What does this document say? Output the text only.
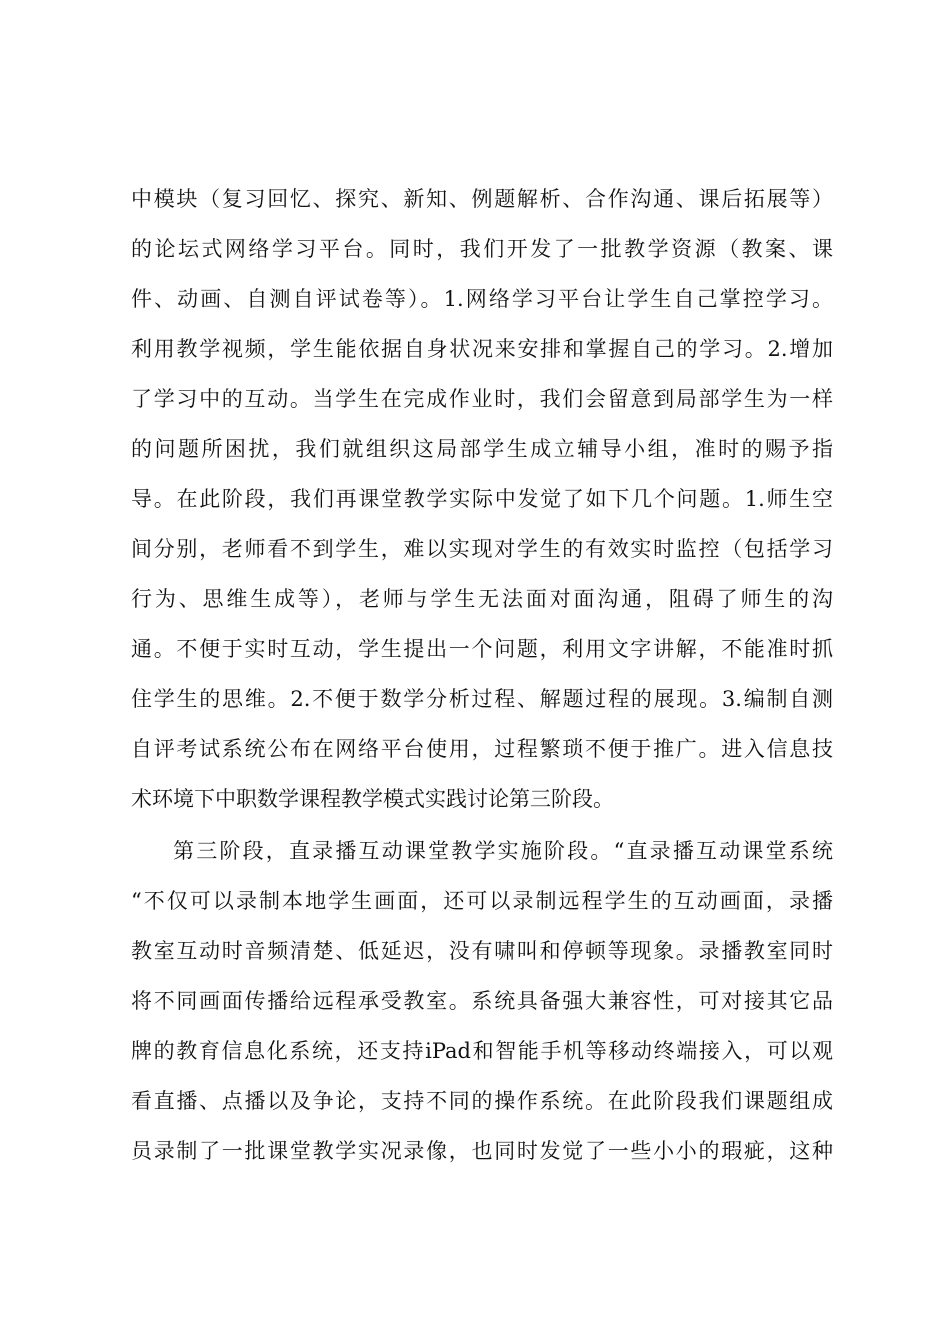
中模块（复习回忆、探究、新知、例题解析、合作沟通、课后拓展等）
的论坛式网络学习平台。同时，我们开发了一批教学资源（教案、课
件、动画、自测自评试卷等）。1.网络学习平台让学生自己掌控学习。
利用教学视频，学生能依据自身状况来安排和掌握自己的学习。2.增加
了学习中的互动。当学生在完成作业时，我们会留意到局部学生为一样
的问题所困扰，我们就组织这局部学生成立辅导小组，准时的赐予指
导。在此阶段，我们再课堂教学实际中发觉了如下几个问题。1.师生空
间分别，老师看不到学生，难以实现对学生的有效实时监控（包括学习
行为、思维生成等），老师与学生无法面对面沟通，阻碍了师生的沟
通。不便于实时互动，学生提出一个问题，利用文字讲解，不能准时抓
住学生的思维。2.不便于数学分析过程、解题过程的展现。3.编制自测
自评考试系统公布在网络平台使用，过程繁琐不便于推广。进入信息技
术环境下中职数学课程教学模式实践讨论第三阶段。
第三阶段，直录播互动课堂教学实施阶段。“直录播互动课堂系统
“不仅可以录制本地学生画面，还可以录制远程学生的互动画面，录播
教室互动时音频清楚、低延迟，没有啸叫和停顿等现象。录播教室同时
将不同画面传播给远程承受教室。系统具备强大兼容性，可对接其它品
牌的教育信息化系统，还支持iPad和智能手机等移动终端接入，可以观
看直播、点播以及争论，支持不同的操作系统。在此阶段我们课题组成
员录制了一批课堂教学实况录像，也同时发觉了一些小小的瑕疵，这种
